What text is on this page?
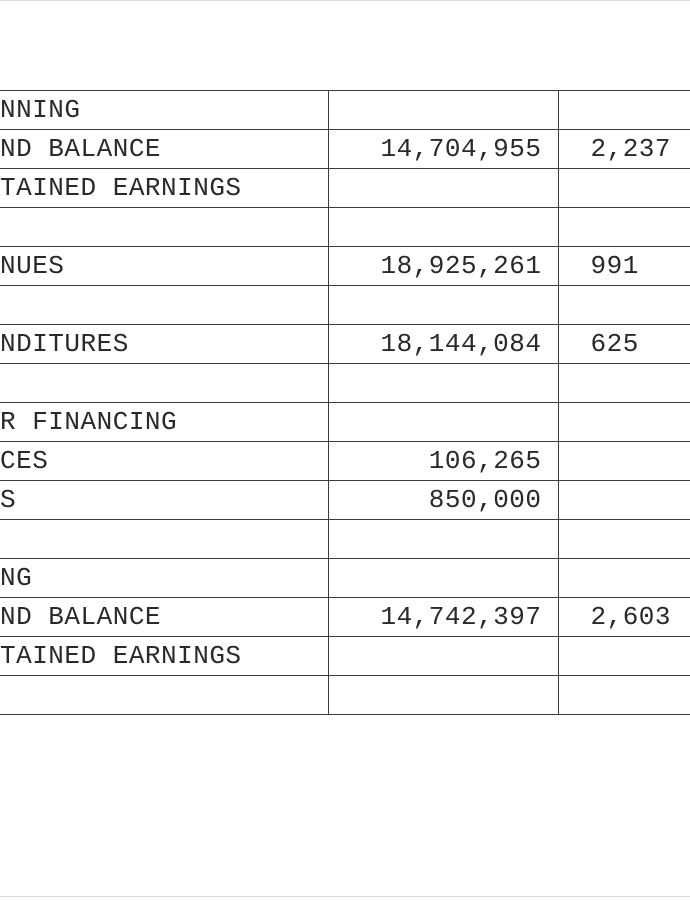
NNING		
ND BALANCE	14,704,955	2,237
TAINED EARNINGS		

NUES	18,925,261	991

NDITURES	18,144,084	625

R FINANCING		
CES	106,265	
S	850,000	

NG		
ND BALANCE	14,742,397	2,603
TAINED EARNINGS		
